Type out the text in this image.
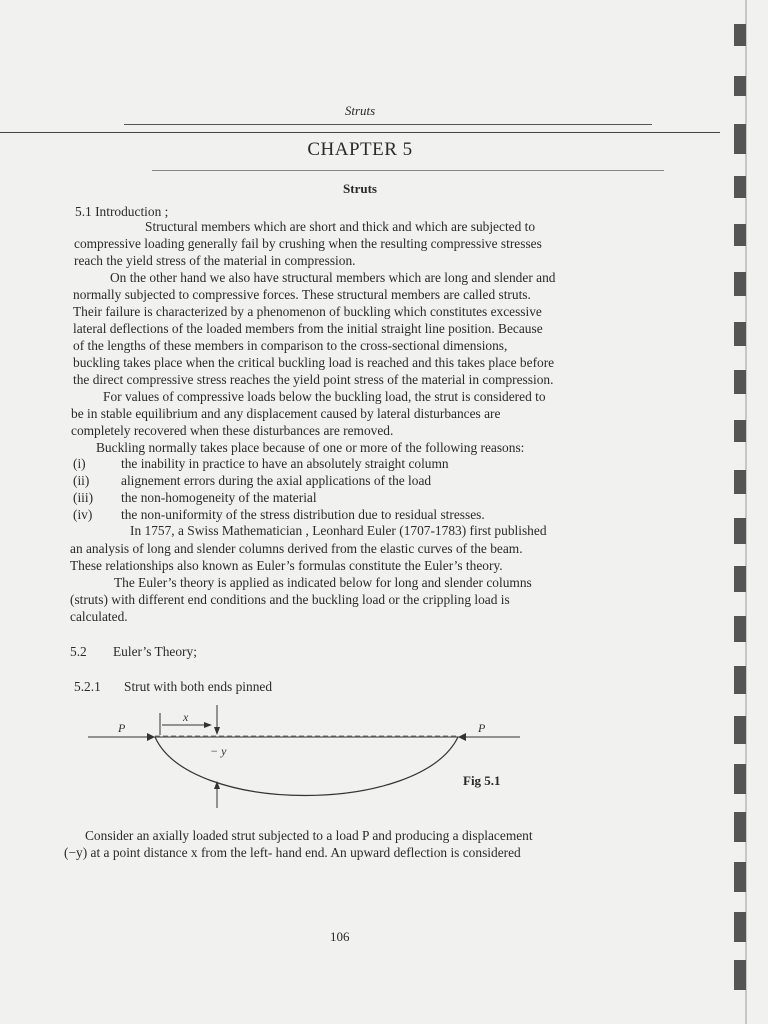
Struts
CHAPTER 5
Struts
5.1 Introduction ;
Structural members which are short and thick and which are subjected to
compressive loading generally fail by crushing when the resulting compressive stresses
reach the yield stress of the material in compression.
On the other hand we also have structural members which are long and slender and
normally subjected to compressive forces. These structural members are called struts.
Their failure is characterized by a phenomenon of buckling which constitutes excessive
lateral deflections of the loaded members from the initial straight line position. Because
of the lengths of these members in comparison to the cross-sectional dimensions,
buckling takes place when the critical buckling load is reached and this takes place before
the direct compressive stress reaches the yield point stress of the material in compression.
For values of compressive loads below the buckling load, the strut is considered to
be in stable equilibrium and any displacement caused by lateral disturbances are
completely recovered when these disturbances are removed.
Buckling normally takes place because of one or more of the following reasons:
(i)	the inability in practice to have an absolutely straight column
(ii) alignement errors during the axial applications of the load
(iii) the non-homogeneity of the material
(iv) the non-uniformity of the stress distribution due to residual stresses.
In 1757, a Swiss Mathematician , Leonhard Euler (1707-1783) first published
an analysis of long and slender columns derived from the elastic curves of the beam.
These relationships also known as Euler’s formulas constitute the Euler’s theory.
The Euler’s theory is applied as indicated below for long and slender columns
(struts) with different end conditions and the buckling load or the crippling load is
calculated.
5.2 Euler’s Theory;
5.2.1 Strut with both ends pinned
P	P
x
− y
Fig 5.1
Consider an axially loaded strut subjected to a load P and producing a displacement
(−y) at a point distance x from the left- hand end. An upward deflection is considered
106
